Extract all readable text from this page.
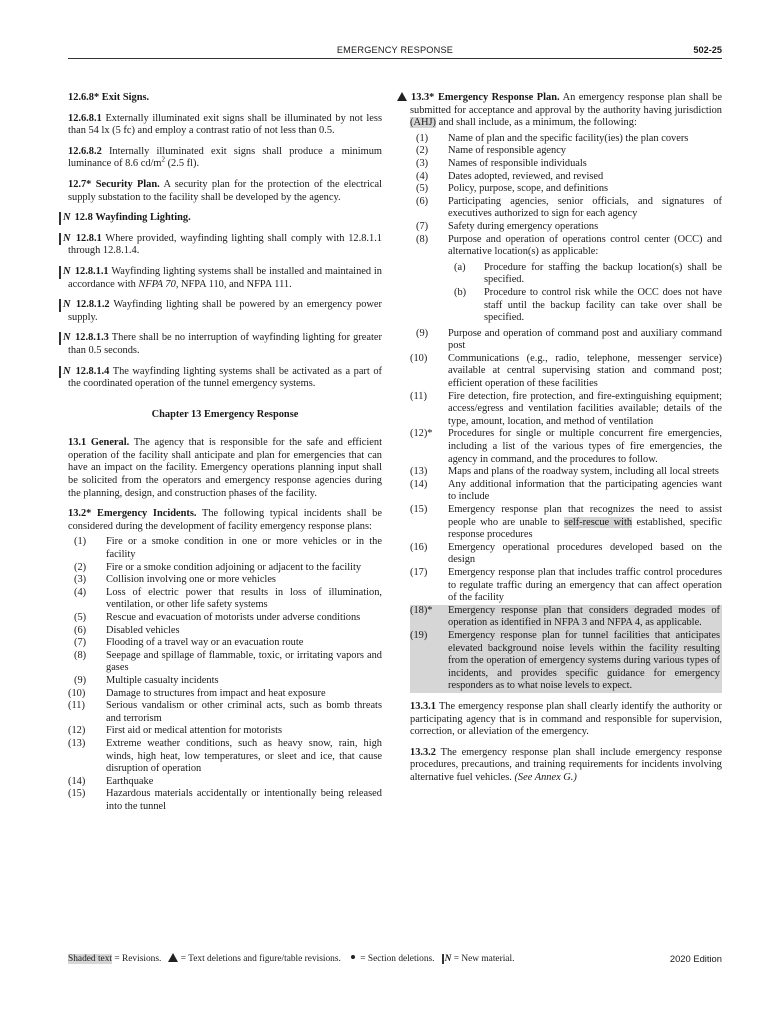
EMERGENCY RESPONSE	502-25

12.6.8* Exit Signs.

12.6.8.1 Externally illuminated exit signs shall be illuminated by not less than 54 lx (5 fc) and employ a contrast ratio of not less than 0.5.

12.6.8.2 Internally illuminated exit signs shall produce a minimum luminance of 8.6 $cd/m^2$ (2.5 fl).

12.7* Security Plan. A security plan for the protection of the electrical supply substation to the facility shall be developed by the agency.

N 12.8 Wayfinding Lighting.

N 12.8.1 Where provided, wayfinding lighting shall comply with 12.8.1.1 through 12.8.1.4.

N 12.8.1.1 Wayfinding lighting systems shall be installed and maintained in accordance with NFPA 70, NFPA 110, and NFPA 111.

N 12.8.1.2 Wayfinding lighting shall be powered by an emergency power supply.

N 12.8.1.3 There shall be no interruption of wayfinding lighting for greater than 0.5 seconds.

N 12.8.1.4 The wayfinding lighting systems shall be activated as a part of the coordinated operation of the tunnel emergency systems.

Chapter 13 Emergency Response

13.1 General. The agency that is responsible for the safe and efficient operation of the facility shall anticipate and plan for emergencies that can have an impact on the facility. Emergency operations planning input shall be solicited from the operators and emergency response agencies during the planning, design, and construction phases of the facility.

13.2* Emergency Incidents. The following typical incidents shall be considered during the development of facility emergency response plans:

(1)	Fire or a smoke condition in one or more vehicles or in the facility
(2)	Fire or a smoke condition adjoining or adjacent to the facility
(3)	Collision involving one or more vehicles
(4)	Loss of electric power that results in loss of illumination, ventilation, or other life safety systems
(5)	Rescue and evacuation of motorists under adverse conditions
(6)	Disabled vehicles
(7)	Flooding of a travel way or an evacuation route
(8)	Seepage and spillage of flammable, toxic, or irritating vapors and gases
(9)	Multiple casualty incidents
(10)	Damage to structures from impact and heat exposure
(11)	Serious vandalism or other criminal acts, such as bomb threats and terrorism
(12)	First aid or medical attention for motorists
(13)	Extreme weather conditions, such as heavy snow, rain, high winds, high heat, low temperatures, or sleet and ice, that cause disruption of operation
(14)	Earthquake
(15)	Hazardous materials accidentally or intentionally being released into the tunnel

13.3* Emergency Response Plan. An emergency response plan shall be submitted for acceptance and approval by the authority having jurisdiction (AHJ) and shall include, as a minimum, the following:

(1)	Name of plan and the specific facility(ies) the plan covers
(2)	Name of responsible agency
(3)	Names of responsible individuals
(4)	Dates adopted, reviewed, and revised
(5)	Policy, purpose, scope, and definitions
(6)	Participating agencies, senior officials, and signatures of executives authorized to sign for each agency
(7)	Safety during emergency operations
(8)	Purpose and operation of operations control center (OCC) and alternative location(s) as applicable:
(a)	Procedure for staffing the backup location(s) shall be specified.
(b)	Procedure to control risk while the OCC does not have staff until the backup facility can take over shall be specified.
(9)	Purpose and operation of command post and auxiliary command post
(10)	Communications (e.g., radio, telephone, messenger service) available at central supervising station and command post; efficient operation of these facilities
(11)	Fire detection, fire protection, and fire-extinguishing equipment; access/egress and ventilation facilities available; details of the type, amount, location, and method of ventilation
(12)*	Procedures for single or multiple concurrent fire emergencies, including a list of the various types of fire emergencies, the agency in command, and the procedures to follow.
(13)	Maps and plans of the roadway system, including all local streets
(14)	Any additional information that the participating agencies want to include
(15)	Emergency response plan that recognizes the need to assist people who are unable to self-rescue with established, specific response procedures
(16)	Emergency operational procedures developed based on the design
(17)	Emergency response plan that includes traffic control procedures to regulate traffic during an emergency that can affect operation of the facility
(18)*	Emergency response plan that considers degraded modes of operation as identified in NFPA 3 and NFPA 4, as applicable.
(19)	Emergency response plan for tunnel facilities that anticipates elevated background noise levels within the facility resulting from the operation of emergency systems during various types of incidents, and provides specific guidance for emergency responders as to what noise levels to expect.

13.3.1 The emergency response plan shall clearly identify the authority or participating agency that is in command and responsible for supervision, correction, or alleviation of the emergency.

13.3.2 The emergency response plan shall include emergency response procedures, precautions, and training requirements for incidents involving alternative fuel vehicles. (See Annex G.)

Shaded text = Revisions.    = Text deletions and figure/table revisions.    = Section deletions. N = New material.	2020 Edition
